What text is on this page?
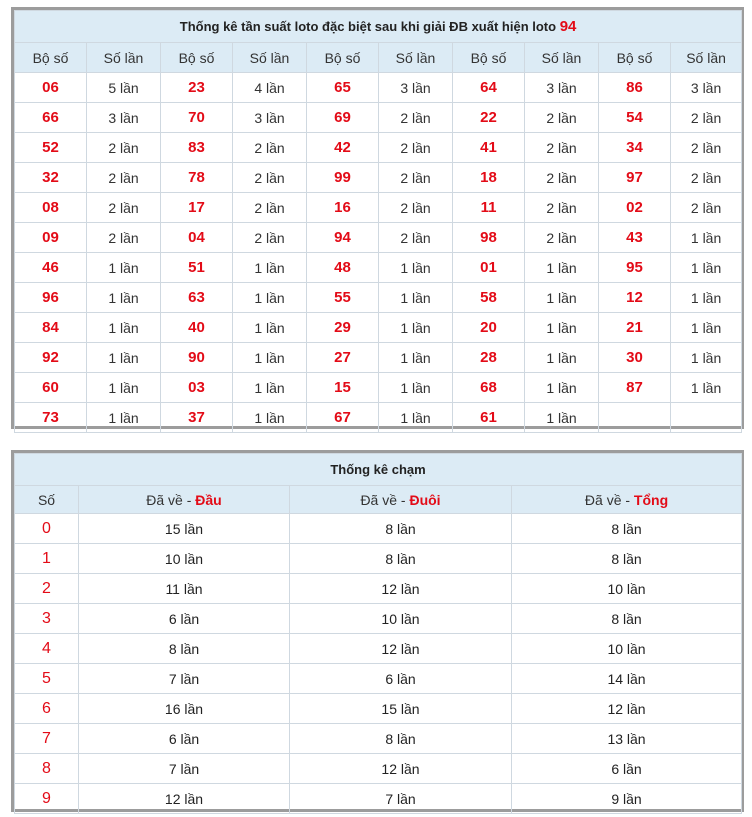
Thống kê tần suất loto đặc biệt sau khi giải ĐB xuất hiện loto 94									
Bộ số	Số lần	Bộ số	Số lần	Bộ số	Số lần	Bộ số	Số lần	Bộ số	Số lần
06	5 lần	23	4 lần	65	3 lần	64	3 lần	86	3 lần
66	3 lần	70	3 lần	69	2 lần	22	2 lần	54	2 lần
52	2 lần	83	2 lần	42	2 lần	41	2 lần	34	2 lần
32	2 lần	78	2 lần	99	2 lần	18	2 lần	97	2 lần
08	2 lần	17	2 lần	16	2 lần	11	2 lần	02	2 lần
09	2 lần	04	2 lần	94	2 lần	98	2 lần	43	1 lần
46	1 lần	51	1 lần	48	1 lần	01	1 lần	95	1 lần
96	1 lần	63	1 lần	55	1 lần	58	1 lần	12	1 lần
84	1 lần	40	1 lần	29	1 lần	20	1 lần	21	1 lần
92	1 lần	90	1 lần	27	1 lần	28	1 lần	30	1 lần
60	1 lần	03	1 lần	15	1 lần	68	1 lần	87	1 lần
73	1 lần	37	1 lần	67	1 lần	61	1 lần		
Thống kê chạm			
Số	Đã về - Đầu	Đã về - Đuôi	Đã về - Tổng
0	15 lần	8 lần	8 lần
1	10 lần	8 lần	8 lần
2	11 lần	12 lần	10 lần
3	6 lần	10 lần	8 lần
4	8 lần	12 lần	10 lần
5	7 lần	6 lần	14 lần
6	16 lần	15 lần	12 lần
7	6 lần	8 lần	13 lần
8	7 lần	12 lần	6 lần
9	12 lần	7 lần	9 lần
